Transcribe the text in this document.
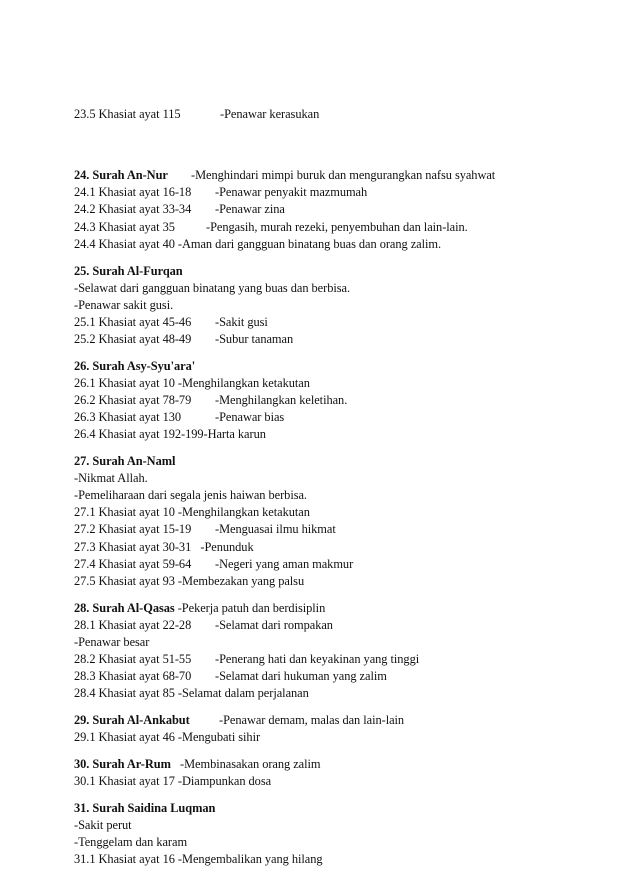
23.5 Khasiat ayat 115	-Penawar kerasukan

24. Surah An-Nur -Menghindari mimpi buruk dan mengurangkan nafsu syahwat
24.1 Khasiat ayat 16-18 -Penawar penyakit mazmumah
24.2 Khasiat ayat 33-34 -Penawar zina
24.3 Khasiat ayat 35	-Pengasih, murah rezeki, penyembuhan dan lain-lain.
24.4 Khasiat ayat 40 -Aman dari gangguan binatang buas dan orang zalim.
25. Surah Al-Furqan
-Selawat dari gangguan binatang yang buas dan berbisa.
-Penawar sakit gusi.
25.1 Khasiat ayat 45-46 -Sakit gusi
25.2 Khasiat ayat 48-49 -Subur tanaman
26. Surah Asy-Syu'ara'
26.1 Khasiat ayat 10 -Menghilangkan ketakutan
26.2 Khasiat ayat 78-79 -Menghilangkan keletihan.
26.3 Khasiat ayat 130	-Penawar bias
26.4 Khasiat ayat 192-199-Harta karun
27. Surah An-Naml
-Nikmat Allah.
-Pemeliharaan dari segala jenis haiwan berbisa.
27.1 Khasiat ayat 10 -Menghilangkan ketakutan
27.2 Khasiat ayat 15-19 -Menguasai ilmu hikmat
27.3 Khasiat ayat 30-31   -Penunduk
27.4 Khasiat ayat 59-64 -Negeri yang aman makmur
27.5 Khasiat ayat 93 -Membezakan yang palsu
28. Surah Al-Qasas -Pekerja patuh dan berdisiplin
28.1 Khasiat ayat 22-28 -Selamat dari rompakan
-Penawar besar
28.2 Khasiat ayat 51-55 -Penerang hati dan keyakinan yang tinggi
28.3 Khasiat ayat 68-70 -Selamat dari hukuman yang zalim
28.4 Khasiat ayat 85 -Selamat dalam perjalanan
29. Surah Al-Ankabut -Penawar demam, malas dan lain-lain
29.1 Khasiat ayat 46 -Mengubati sihir
30. Surah Ar-Rum   -Membinasakan orang zalim
30.1 Khasiat ayat 17 -Diampunkan dosa
31. Surah Saidina Luqman
-Sakit perut
-Tenggelam dan karam
31.1 Khasiat ayat 16 -Mengembalikan yang hilang
